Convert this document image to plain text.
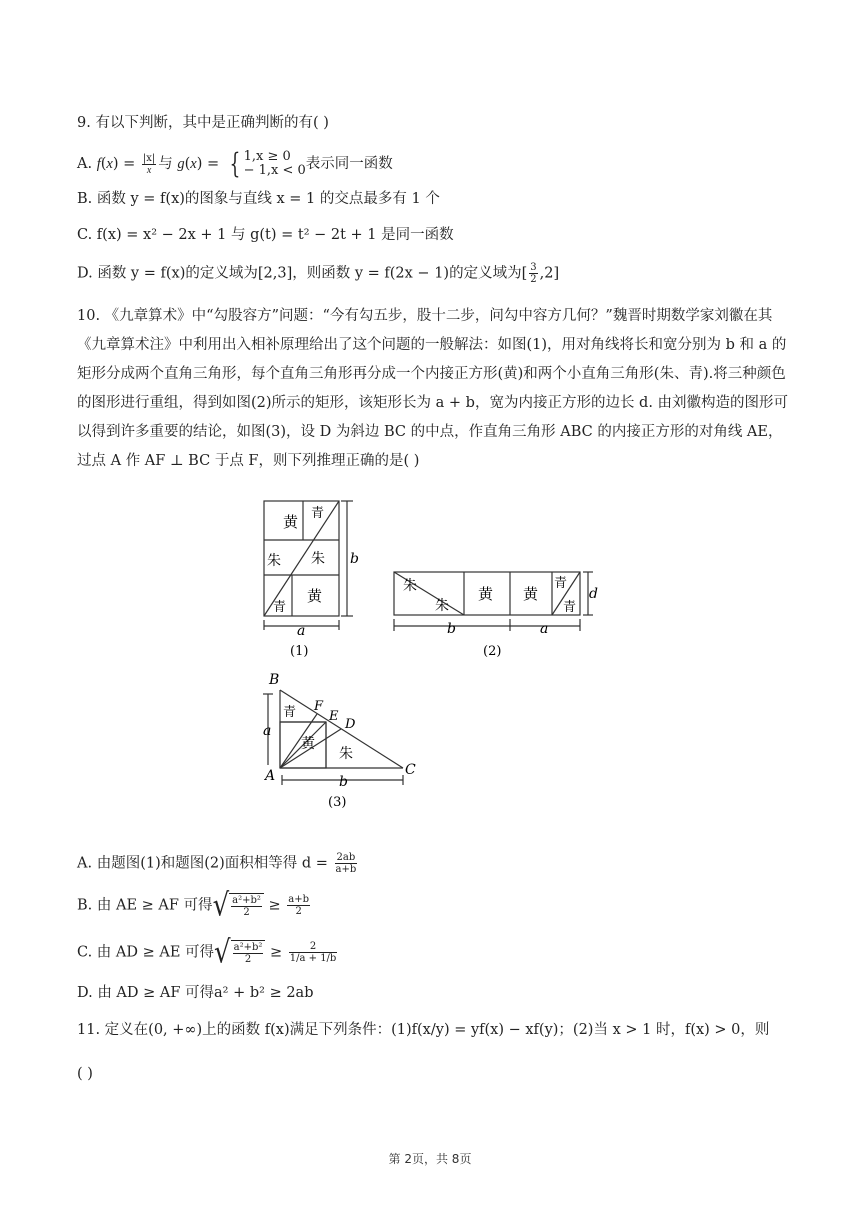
9. 有以下判断，其中是正确判断的有( )
A. $f(x) = \frac{|x|}{x}$ 与 g(x) = { 1,x ≥ 0
− 1,x < 0表示同一函数
B. 函数 y = f(x)的图象与直线 x = 1 的交点最多有 1 个
C. f(x) = x² − 2x + 1 与 g(t) = t² − 2t + 1 是同一函数
D. 函数 y = f(x)的定义域为[2,3]，则函数 y = f(2x − 1)的定义域为[ $\frac{3}{2} ,2$]
10. 《九章算术》中“勾股容方”问题：“今有勾五步，股十二步，问勾中容方几何？”魏晋时期数学家刘徽在其《九章算术注》中利用出入相补原理给出了这个问题的一般解法：如图(1)，用对角线将长和宽分别为 b 和 a 的矩形分成两个直角三角形，每个直角三角形再分成一个内接正方形(黄)和两个小直角三角形(朱、青).将三种颜色的图形进行重组，得到如图(2)所示的矩形，该矩形长为 a + b，宽为内接正方形的边长 d. 由刘徽构造的图形可以得到许多重要的结论，如图(3)，设 D 为斜边 BC 的中点，作直角三角形 ABC 的内接正方形的对角线 AE，过点 A 作 AF ⊥ BC 于点 F，则下列推理正确的是( )
黄 青
朱 朱
黄
青
b
a
(1)
朱
朱
黄 黄
青
青
d
b	a
(2)
B
F
E
D
C
A
青
黄
朱
a
b
(3)
A. 由题图(1)和题图(2)面积相等得 $d = \frac{2ab}{a+b}$
B. 由 AE ≥ AF 可得√ $\frac{\text{a²+b²}}{2} \ge \frac{a+b}{2}$
C. 由 AD ≥ AE 可得√ $\frac{\text{a²+b²}}{2} \ge \frac{2}{1/a + 1/b}$
D. 由 AD ≥ AF 可得a² + b² ≥ 2ab
11. 定义在(0, +∞)上的函数 f(x)满足下列条件：(1)f(x/y) = yf(x) − xf(y)；(2)当 x > 1 时，f(x) > 0，则
( )
第 2页，共 8页
